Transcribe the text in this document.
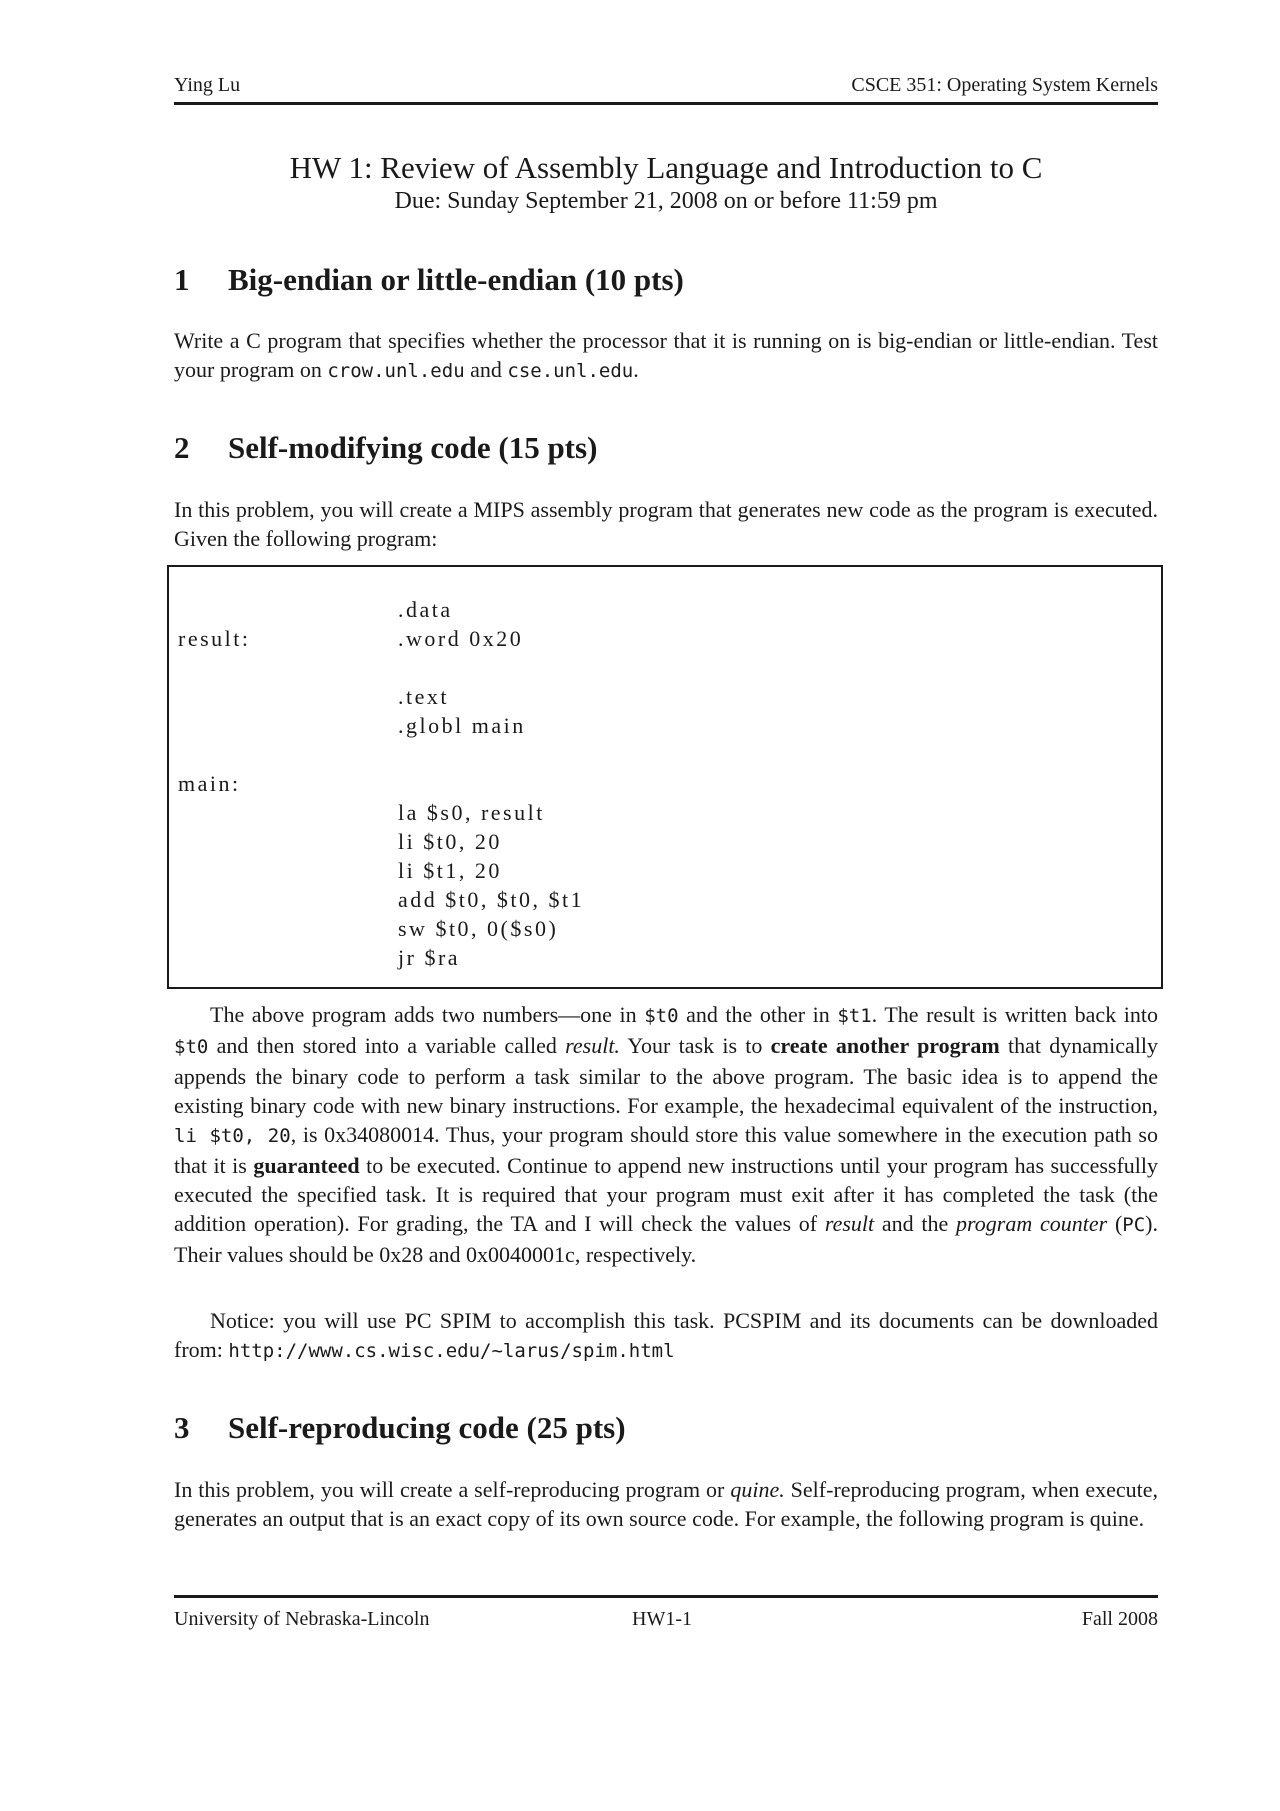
Ying Lu	CSCE 351: Operating System Kernels
HW 1: Review of Assembly Language and Introduction to C
Due: Sunday September 21, 2008 on or before 11:59 pm
1	Big-endian or little-endian (10 pts)
Write a C program that specifies whether the processor that it is running on is big-endian or little-endian. Test your program on crow.unl.edu and cse.unl.edu.
2	Self-modifying code (15 pts)
In this problem, you will create a MIPS assembly program that generates new code as the program is executed. Given the following program:
.data
result:	.word 0x20
.text
.globl main
main:
la $s0, result
li $t0, 20
li $t1, 20
add $t0, $t0, $t1
sw $t0, 0($s0)
jr $ra
The above program adds two numbers—one in $t0 and the other in $t1. The result is written back into $t0 and then stored into a variable called result. Your task is to create another program that dynamically appends the binary code to perform a task similar to the above program. The basic idea is to append the existing binary code with new binary instructions. For example, the hexadecimal equivalent of the instruction, li $t0, 20, is 0x34080014. Thus, your program should store this value somewhere in the execution path so that it is guaranteed to be executed. Continue to append new instructions until your program has successfully executed the specified task. It is required that your program must exit after it has completed the task (the addition operation). For grading, the TA and I will check the values of result and the program counter (PC). Their values should be 0x28 and 0x0040001c, respectively.
Notice: you will use PC SPIM to accomplish this task. PCSPIM and its documents can be downloaded from: http://www.cs.wisc.edu/~larus/spim.html
3	Self-reproducing code (25 pts)
In this problem, you will create a self-reproducing program or quine. Self-reproducing program, when execute, generates an output that is an exact copy of its own source code. For example, the following program is quine.
University of Nebraska-Lincoln	HW1-1	Fall 2008
